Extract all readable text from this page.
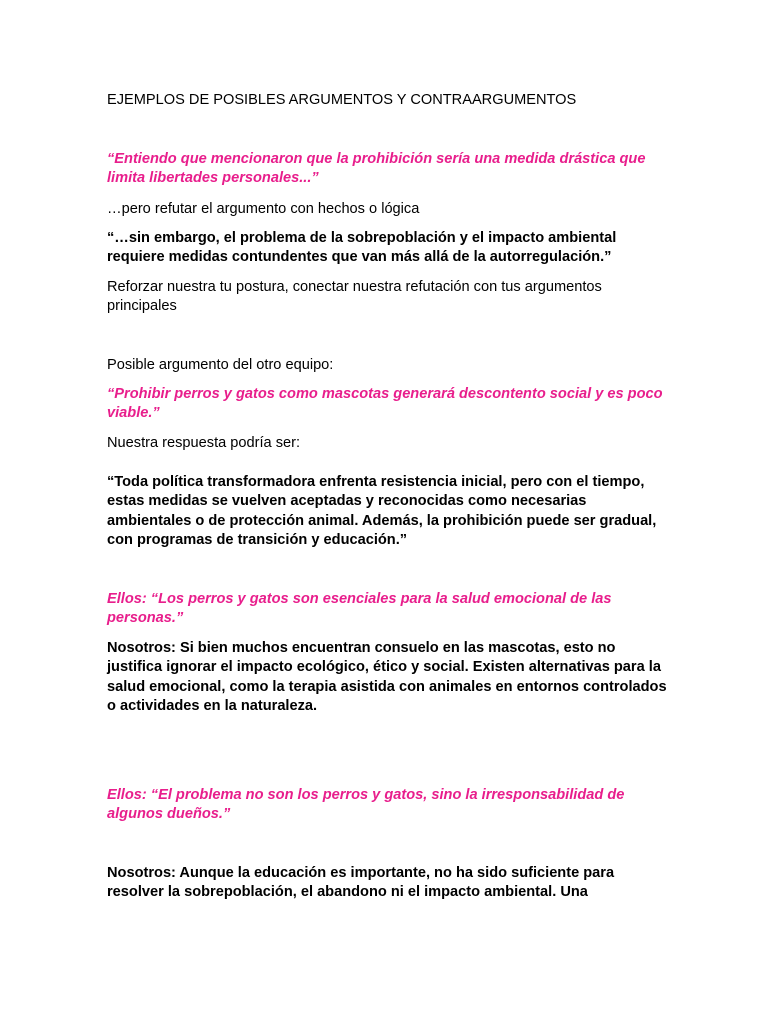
EJEMPLOS DE POSIBLES ARGUMENTOS Y CONTRAARGUMENTOS

“Entiendo que mencionaron que la prohibición sería una medida drástica que limita libertades personales...”

…pero refutar el argumento con hechos o lógica

“…sin embargo, el problema de la sobrepoblación y el impacto ambiental requiere medidas contundentes que van más allá de la autorregulación.”

Reforzar nuestra tu postura, conectar nuestra refutación con tus argumentos principales

Posible argumento del otro equipo:

“Prohibir perros y gatos como mascotas generará descontento social y es poco viable.”

Nuestra respuesta podría ser:

“Toda política transformadora enfrenta resistencia inicial, pero con el tiempo, estas medidas se vuelven aceptadas y reconocidas como necesarias ambientales o de protección animal. Además, la prohibición puede ser gradual, con programas de transición y educación.”

Ellos: “Los perros y gatos son esenciales para la salud emocional de las personas.”

Nosotros: Si bien muchos encuentran consuelo en las mascotas, esto no justifica ignorar el impacto ecológico, ético y social. Existen alternativas para la salud emocional, como la terapia asistida con animales en entornos controlados o actividades en la naturaleza.

Ellos: “El problema no son los perros y gatos, sino la irresponsabilidad de algunos dueños.”

Nosotros: Aunque la educación es importante, no ha sido suficiente para resolver la sobrepoblación, el abandono ni el impacto ambiental. Una
